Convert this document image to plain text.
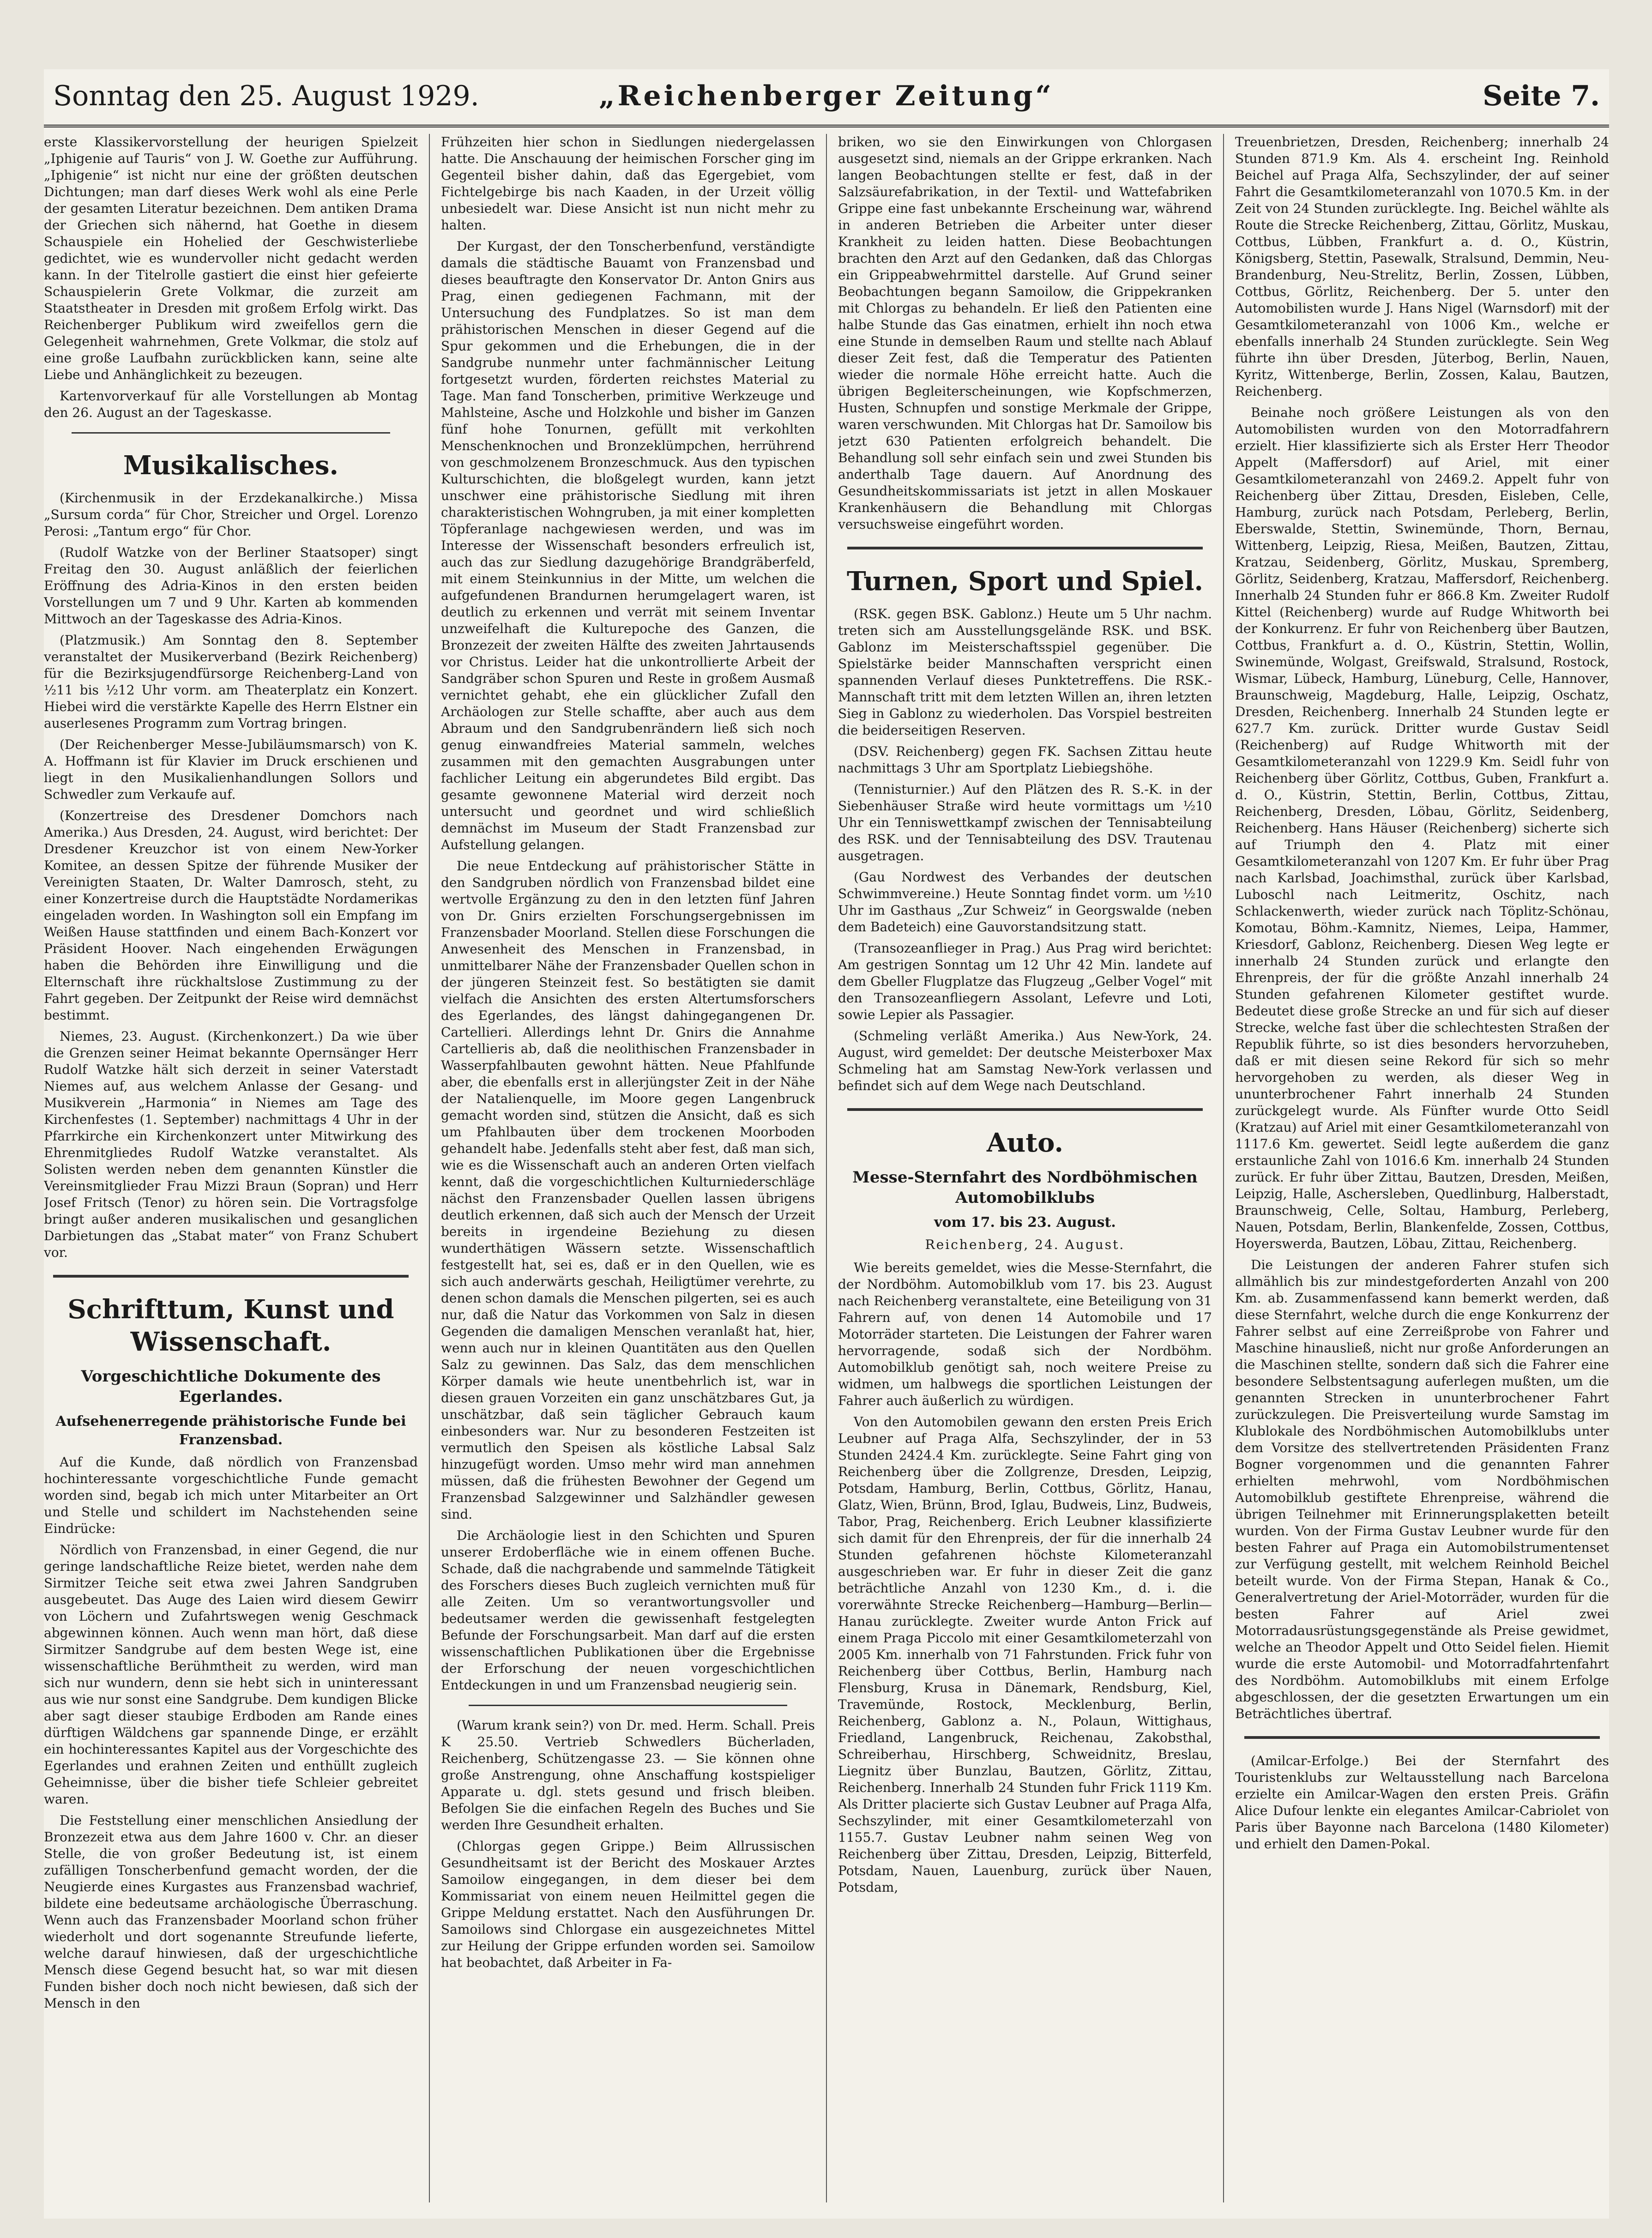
Sonntag den 25. August 1929.	„Reichenberger Zeitung“	Seite 7.

erste Klassikervorstellung der heurigen Spielzeit „Iphigenie auf Tauris“ von J. W. Goethe zur Aufführung. „Iphigenie“ ist nicht nur eine der größten deutschen Dichtungen; man darf dieses Werk wohl als eine Perle der gesamten Literatur bezeichnen. Dem antiken Drama der Griechen sich nähernd, hat Goethe in diesem Schauspiele ein Hohelied der Geschwisterliebe gedichtet, wie es wundervoller nicht gedacht werden kann. In der Titelrolle gastiert die einst hier gefeierte Schauspielerin Grete Volkmar, die zurzeit am Staatstheater in Dresden mit großem Erfolg wirkt. Das Reichenberger Publikum wird zweifellos gern die Gelegenheit wahrnehmen, Grete Volkmar, die stolz auf eine große Laufbahn zurückblicken kann, seine alte Liebe und Anhänglichkeit zu bezeugen.

Kartenvorverkauf für alle Vorstellungen ab Montag den 26. August an der Tageskasse.

Musikalisches.

(Kirchenmusik in der Erzdekanalkirche.) Missa „Sursum corda“ für Chor, Streicher und Orgel. Lorenzo Perosi: „Tantum ergo“ für Chor.

(Rudolf Watzke von der Berliner Staatsoper) singt Freitag den 30. August anläßlich der feierlichen Eröffnung des Adria-Kinos in den ersten beiden Vorstellungen um 7 und 9 Uhr. Karten ab kommenden Mittwoch an der Tageskasse des Adria-Kinos.

(Platzmusik.) Am Sonntag den 8. September veranstaltet der Musikerverband (Bezirk Reichenberg) für die Bezirksjugendfürsorge Reichenberg-Land von ½11 bis ½12 Uhr vorm. am Theaterplatz ein Konzert. Hiebei wird die verstärkte Kapelle des Herrn Elstner ein auserlesenes Programm zum Vortrag bringen.

(Der Reichenberger Messe-Jubiläumsmarsch) von K. A. Hoffmann ist für Klavier im Druck erschienen und liegt in den Musikalienhandlungen Sollors und Schwedler zum Verkaufe auf.

(Konzertreise des Dresdener Domchors nach Amerika.) Aus Dresden, 24. August, wird berichtet: Der Dresdener Kreuzchor ist von einem New-Yorker Komitee, an dessen Spitze der führende Musiker der Vereinigten Staaten, Dr. Walter Damrosch, steht, zu einer Konzertreise durch die Hauptstädte Nordamerikas eingeladen worden. In Washington soll ein Empfang im Weißen Hause stattfinden und einem Bach-Konzert vor Präsident Hoover. Nach eingehenden Erwägungen haben die Behörden ihre Einwilligung und die Elternschaft ihre rückhaltslose Zustimmung zu der Fahrt gegeben. Der Zeitpunkt der Reise wird demnächst bestimmt.

Niemes, 23. August. (Kirchenkonzert.) Da wie über die Grenzen seiner Heimat bekannte Opernsänger Herr Rudolf Watzke hält sich derzeit in seiner Vaterstadt Niemes auf, aus welchem Anlasse der Gesang- und Musikverein „Harmonia“ in Niemes am Tage des Kirchenfestes (1. September) nachmittags 4 Uhr in der Pfarrkirche ein Kirchenkonzert unter Mitwirkung des Ehrenmitgliedes Rudolf Watzke veranstaltet. Als Solisten werden neben dem genannten Künstler die Vereinsmitglieder Frau Mizzi Braun (Sopran) und Herr Josef Fritsch (Tenor) zu hören sein. Die Vortragsfolge bringt außer anderen musikalischen und gesanglichen Darbietungen das „Stabat mater“ von Franz Schubert vor.

Schrifttum, Kunst und Wissenschaft.
Vorgeschichtliche Dokumente des Egerlandes.
Aufsehenerregende prähistorische Funde bei Franzensbad.

Auf die Kunde, daß nördlich von Franzensbad hochinteressante vorgeschichtliche Funde gemacht worden sind, begab ich mich unter Mitarbeiter an Ort und Stelle und schildert im Nachstehenden seine Eindrücke:

Nördlich von Franzensbad, in einer Gegend, die nur geringe landschaftliche Reize bietet, werden nahe dem Sirmitzer Teiche seit etwa zwei Jahren Sandgruben ausgebeutet. Das Auge des Laien wird diesem Gewirr von Löchern und Zufahrtswegen wenig Geschmack abgewinnen können. Auch wenn man hört, daß diese Sirmitzer Sandgrube auf dem besten Wege ist, eine wissenschaftliche Berühmtheit zu werden, wird man sich nur wundern, denn sie hebt sich in uninteressant aus wie nur sonst eine Sandgrube. Dem kundigen Blicke aber sagt dieser staubige Erdboden am Rande eines dürftigen Wäldchens gar spannende Dinge, er erzählt ein hochinteressantes Kapitel aus der Vorgeschichte des Egerlandes und erahnen Zeiten und enthüllt zugleich Geheimnisse, über die bisher tiefe Schleier gebreitet waren.

Die Feststellung einer menschlichen Ansiedlung der Bronzezeit etwa aus dem Jahre 1600 v. Chr. an dieser Stelle, die von großer Bedeutung ist, ist einem zufälligen Tonscherbenfund gemacht worden, der die Neugierde eines Kurgastes aus Franzensbad wachrief, bildete eine bedeutsame archäologische Überraschung. Wenn auch das Franzensbader Moorland schon früher wiederholt und dort sogenannte Streufunde lieferte, welche darauf hinwiesen, daß der urgeschichtliche Mensch diese Gegend besucht hat, so war mit diesen Funden bisher doch noch nicht bewiesen, daß sich der Mensch in den

Frühzeiten hier schon in Siedlungen niedergelassen hatte. Die Anschauung der heimischen Forscher ging im Gegenteil bisher dahin, daß das Egergebiet, vom Fichtelgebirge bis nach Kaaden, in der Urzeit völlig unbesiedelt war. Diese Ansicht ist nun nicht mehr zu halten.

Der Kurgast, der den Tonscherbenfund, verständigte damals die städtische Bauamt von Franzensbad und dieses beauftragte den Konservator Dr. Anton Gnirs aus Prag, einen gediegenen Fachmann, mit der Untersuchung des Fundplatzes. So ist man dem prähistorischen Menschen in dieser Gegend auf die Spur gekommen und die Erhebungen, die in der Sandgrube nunmehr unter fachmännischer Leitung fortgesetzt wurden, förderten reichstes Material zu Tage. Man fand Tonscherben, primitive Werkzeuge und Mahlsteine, Asche und Holzkohle und bisher im Ganzen fünf hohe Tonurnen, gefüllt mit verkohlten Menschenknochen und Bronzeklümpchen, herrührend von geschmolzenem Bronzeschmuck. Aus den typischen Kulturschichten, die bloßgelegt wurden, kann jetzt unschwer eine prähistorische Siedlung mit ihren charakteristischen Wohngruben, ja mit einer kompletten Töpferanlage nachgewiesen werden, und was im Interesse der Wissenschaft besonders erfreulich ist, auch das zur Siedlung dazugehörige Brandgräberfeld, mit einem Steinkunnius in der Mitte, um welchen die aufgefundenen Brandurnen herumgelagert waren, ist deutlich zu erkennen und verrät mit seinem Inventar unzweifelhaft die Kulturepoche des Ganzen, die Bronzezeit der zweiten Hälfte des zweiten Jahrtausends vor Christus. Leider hat die unkontrollierte Arbeit der Sandgräber schon Spuren und Reste in großem Ausmaß vernichtet gehabt, ehe ein glücklicher Zufall den Archäologen zur Stelle schaffte, aber auch aus dem Abraum und den Sandgrubenrändern ließ sich noch genug einwandfreies Material sammeln, welches zusammen mit den gemachten Ausgrabungen unter fachlicher Leitung ein abgerundetes Bild ergibt. Das gesamte gewonnene Material wird derzeit noch untersucht und geordnet und wird schließlich demnächst im Museum der Stadt Franzensbad zur Aufstellung gelangen.

Die neue Entdeckung auf prähistorischer Stätte in den Sandgruben nördlich von Franzensbad bildet eine wertvolle Ergänzung zu den in den letzten fünf Jahren von Dr. Gnirs erzielten Forschungsergebnissen im Franzensbader Moorland. Stellen diese Forschungen die Anwesenheit des Menschen in Franzensbad, in unmittelbarer Nähe der Franzensbader Quellen schon in der jüngeren Steinzeit fest. So bestätigten sie damit vielfach die Ansichten des ersten Altertumsforschers des Egerlandes, des längst dahingegangenen Dr. Cartellieri. Allerdings lehnt Dr. Gnirs die Annahme Cartellieris ab, daß die neolithischen Franzensbader in Wasserpfahlbauten gewohnt hätten. Neue Pfahlfunde aber, die ebenfalls erst in allerjüngster Zeit in der Nähe der Natalienquelle, im Moore gegen Langenbruck gemacht worden sind, stützen die Ansicht, daß es sich um Pfahlbauten über dem trockenen Moorboden gehandelt habe. Jedenfalls steht aber fest, daß man sich, wie es die Wissenschaft auch an anderen Orten vielfach kennt, daß die vorgeschichtlichen Kulturniederschläge nächst den Franzensbader Quellen lassen übrigens deutlich erkennen, daß sich auch der Mensch der Urzeit bereits in irgendeine Beziehung zu diesen wunderthätigen Wässern setzte. Wissenschaftlich festgestellt hat, sei es, daß er in den Quellen, wie es sich auch anderwärts geschah, Heiligtümer verehrte, zu denen schon damals die Menschen pilgerten, sei es auch nur, daß die Natur das Vorkommen von Salz in diesen Gegenden die damaligen Menschen veranlaßt hat, hier, wenn auch nur in kleinen Quantitäten aus den Quellen Salz zu gewinnen. Das Salz, das dem menschlichen Körper damals wie heute unentbehrlich ist, war in diesen grauen Vorzeiten ein ganz unschätzbares Gut, ja unschätzbar, daß sein täglicher Gebrauch kaum einbesonders war. Nur zu besonderen Festzeiten ist vermutlich den Speisen als köstliche Labsal Salz hinzugefügt worden. Umso mehr wird man annehmen müssen, daß die frühesten Bewohner der Gegend um Franzensbad Salzgewinner und Salzhändler gewesen sind.

Die Archäologie liest in den Schichten und Spuren unserer Erdoberfläche wie in einem offenen Buche. Schade, daß die nachgrabende und sammelnde Tätigkeit des Forschers dieses Buch zugleich vernichten muß für alle Zeiten. Um so verantwortungsvoller und bedeutsamer werden die gewissenhaft festgelegten Befunde der Forschungsarbeit. Man darf auf die ersten wissenschaftlichen Publikationen über die Ergebnisse der Erforschung der neuen vorgeschichtlichen Entdeckungen in und um Franzensbad neugierig sein.

(Warum krank sein?) von Dr. med. Herm. Schall. Preis K 25.50. Vertrieb Schwedlers Bücherladen, Reichenberg, Schützengasse 23. — Sie können ohne große Anstrengung, ohne Anschaffung kostspieliger Apparate u. dgl. stets gesund und frisch bleiben. Befolgen Sie die einfachen Regeln des Buches und Sie werden Ihre Gesundheit erhalten.

(Chlorgas gegen Grippe.) Beim Allrussischen Gesundheitsamt ist der Bericht des Moskauer Arztes Samoilow eingegangen, in dem dieser bei dem Kommissariat von einem neuen Heilmittel gegen die Grippe Meldung erstattet. Nach den Ausführungen Dr. Samoilows sind Chlorgase ein ausgezeichnetes Mittel zur Heilung der Grippe erfunden worden sei. Samoilow hat beobachtet, daß Arbeiter in Fa-

briken, wo sie den Einwirkungen von Chlorgasen ausgesetzt sind, niemals an der Grippe erkranken. Nach langen Beobachtungen stellte er fest, daß in der Salzsäurefabrikation, in der Textil- und Wattefabriken Grippe eine fast unbekannte Erscheinung war, während in anderen Betrieben die Arbeiter unter dieser Krankheit zu leiden hatten. Diese Beobachtungen brachten den Arzt auf den Gedanken, daß das Chlorgas ein Grippeabwehrmittel darstelle. Auf Grund seiner Beobachtungen begann Samoilow, die Grippekranken mit Chlorgas zu behandeln. Er ließ den Patienten eine halbe Stunde das Gas einatmen, erhielt ihn noch etwa eine Stunde in demselben Raum und stellte nach Ablauf dieser Zeit fest, daß die Temperatur des Patienten wieder die normale Höhe erreicht hatte. Auch die übrigen Begleiterscheinungen, wie Kopfschmerzen, Husten, Schnupfen und sonstige Merkmale der Grippe, waren verschwunden. Mit Chlorgas hat Dr. Samoilow bis jetzt 630 Patienten erfolgreich behandelt. Die Behandlung soll sehr einfach sein und zwei Stunden bis anderthalb Tage dauern. Auf Anordnung des Gesundheitskommissariats ist jetzt in allen Moskauer Krankenhäusern die Behandlung mit Chlorgas versuchsweise eingeführt worden.

Turnen, Sport und Spiel.

(RSK. gegen BSK. Gablonz.) Heute um 5 Uhr nachm. treten sich am Ausstellungsgelände RSK. und BSK. Gablonz im Meisterschaftsspiel gegenüber. Die Spielstärke beider Mannschaften verspricht einen spannenden Verlauf dieses Punktetreffens. Die RSK.-Mannschaft tritt mit dem letzten Willen an, ihren letzten Sieg in Gablonz zu wiederholen. Das Vorspiel bestreiten die beiderseitigen Reserven.

(DSV. Reichenberg) gegen FK. Sachsen Zittau heute nachmittags 3 Uhr am Sportplatz Liebiegshöhe.

(Tennisturnier.) Auf den Plätzen des R. S.-K. in der Siebenhäuser Straße wird heute vormittags um ½10 Uhr ein Tenniswettkampf zwischen der Tennisabteilung des RSK. und der Tennisabteilung des DSV. Trautenau ausgetragen.

(Gau Nordwest des Verbandes der deutschen Schwimmvereine.) Heute Sonntag findet vorm. um ½10 Uhr im Gasthaus „Zur Schweiz“ in Georgswalde (neben dem Badeteich) eine Gauvorstandsitzung statt.

(Transozeanflieger in Prag.) Aus Prag wird berichtet: Am gestrigen Sonntag um 12 Uhr 42 Min. landete auf dem Gbeller Flugplatze das Flugzeug „Gelber Vogel“ mit den Transozeanfliegern Assolant, Lefevre und Loti, sowie Lepier als Passagier.

(Schmeling verläßt Amerika.) Aus New-York, 24. August, wird gemeldet: Der deutsche Meisterboxer Max Schmeling hat am Samstag New-York verlassen und befindet sich auf dem Wege nach Deutschland.

Auto.
Messe-Sternfahrt des Nordböhmischen Automobilklubs
vom 17. bis 23. August.
Reichenberg, 24. August.

Wie bereits gemeldet, wies die Messe-Sternfahrt, die der Nordböhm. Automobilklub vom 17. bis 23. August nach Reichenberg veranstaltete, eine Beteiligung von 31 Fahrern auf, von denen 14 Automobile und 17 Motorräder starteten. Die Leistungen der Fahrer waren hervorragende, sodaß sich der Nordböhm. Automobilklub genötigt sah, noch weitere Preise zu widmen, um halbwegs die sportlichen Leistungen der Fahrer auch äußerlich zu würdigen.

Von den Automobilen gewann den ersten Preis Erich Leubner auf Praga Alfa, Sechszylinder, der in 53 Stunden 2424.4 Km. zurücklegte. Seine Fahrt ging von Reichenberg über die Zollgrenze, Dresden, Leipzig, Potsdam, Hamburg, Berlin, Cottbus, Görlitz, Hanau, Glatz, Wien, Brünn, Brod, Iglau, Budweis, Linz, Budweis, Tabor, Prag, Reichenberg. Erich Leubner klassifizierte sich damit für den Ehrenpreis, der für die innerhalb 24 Stunden gefahrenen höchste Kilometeranzahl ausgeschrieben war. Er fuhr in dieser Zeit die ganz beträchtliche Anzahl von 1230 Km., d. i. die vorerwähnte Strecke Reichenberg—Hamburg—Berlin—Hanau zurücklegte. Zweiter wurde Anton Frick auf einem Praga Piccolo mit einer Gesamtkilometerzahl von 2005 Km. innerhalb von 71 Fahrstunden. Frick fuhr von Reichenberg über Cottbus, Berlin, Hamburg nach Flensburg, Krusa in Dänemark, Rendsburg, Kiel, Travemünde, Rostock, Mecklenburg, Berlin, Reichenberg, Gablonz a. N., Polaun, Wittighaus, Friedland, Langenbruck, Reichenau, Zakobsthal, Schreiberhau, Hirschberg, Schweidnitz, Breslau, Liegnitz über Bunzlau, Bautzen, Görlitz, Zittau, Reichenberg. Innerhalb 24 Stunden fuhr Frick 1119 Km. Als Dritter placierte sich Gustav Leubner auf Praga Alfa, Sechszylinder, mit einer Gesamtkilometerzahl von 1155.7. Gustav Leubner nahm seinen Weg von Reichenberg über Zittau, Dresden, Leipzig, Bitterfeld, Potsdam, Nauen, Lauenburg, zurück über Nauen, Potsdam,

Treuenbrietzen, Dresden, Reichenberg; innerhalb 24 Stunden 871.9 Km. Als 4. erscheint Ing. Reinhold Beichel auf Praga Alfa, Sechszylinder, der auf seiner Fahrt die Gesamtkilometeranzahl von 1070.5 Km. in der Zeit von 24 Stunden zurücklegte. Ing. Beichel wählte als Route die Strecke Reichenberg, Zittau, Görlitz, Muskau, Cottbus, Lübben, Frankfurt a. d. O., Küstrin, Königsberg, Stettin, Pasewalk, Stralsund, Demmin, Neu-Brandenburg, Neu-Strelitz, Berlin, Zossen, Lübben, Cottbus, Görlitz, Reichenberg. Der 5. unter den Automobilisten wurde J. Hans Nigel (Warnsdorf) mit der Gesamtkilometeranzahl von 1006 Km., welche er ebenfalls innerhalb 24 Stunden zurücklegte. Sein Weg führte ihn über Dresden, Jüterbog, Berlin, Nauen, Kyritz, Wittenberge, Berlin, Zossen, Kalau, Bautzen, Reichenberg.

Beinahe noch größere Leistungen als von den Automobilisten wurden von den Motorradfahrern erzielt. Hier klassifizierte sich als Erster Herr Theodor Appelt (Maffersdorf) auf Ariel, mit einer Gesamtkilometeranzahl von 2469.2. Appelt fuhr von Reichenberg über Zittau, Dresden, Eisleben, Celle, Hamburg, zurück nach Potsdam, Perleberg, Berlin, Eberswalde, Stettin, Swinemünde, Thorn, Bernau, Wittenberg, Leipzig, Riesa, Meißen, Bautzen, Zittau, Kratzau, Seidenberg, Görlitz, Muskau, Spremberg, Görlitz, Seidenberg, Kratzau, Maffersdorf, Reichenberg. Innerhalb 24 Stunden fuhr er 866.8 Km. Zweiter Rudolf Kittel (Reichenberg) wurde auf Rudge Whitworth bei der Konkurrenz. Er fuhr von Reichenberg über Bautzen, Cottbus, Frankfurt a. d. O., Küstrin, Stettin, Wollin, Swinemünde, Wolgast, Greifswald, Stralsund, Rostock, Wismar, Lübeck, Hamburg, Lüneburg, Celle, Hannover, Braunschweig, Magdeburg, Halle, Leipzig, Oschatz, Dresden, Reichenberg. Innerhalb 24 Stunden legte er 627.7 Km. zurück. Dritter wurde Gustav Seidl (Reichenberg) auf Rudge Whitworth mit der Gesamtkilometeranzahl von 1229.9 Km. Seidl fuhr von Reichenberg über Görlitz, Cottbus, Guben, Frankfurt a. d. O., Küstrin, Stettin, Berlin, Cottbus, Zittau, Reichenberg, Dresden, Löbau, Görlitz, Seidenberg, Reichenberg. Hans Häuser (Reichenberg) sicherte sich auf Triumph den 4. Platz mit einer Gesamtkilometeranzahl von 1207 Km. Er fuhr über Prag nach Karlsbad, Joachimsthal, zurück über Karlsbad, Luboschl nach Leitmeritz, Oschitz, nach Schlackenwerth, wieder zurück nach Töplitz-Schönau, Komotau, Böhm.-Kamnitz, Niemes, Leipa, Hammer, Kriesdorf, Gablonz, Reichenberg. Diesen Weg legte er innerhalb 24 Stunden zurück und erlangte den Ehrenpreis, der für die größte Anzahl innerhalb 24 Stunden gefahrenen Kilometer gestiftet wurde. Bedeutet diese große Strecke an und für sich auf dieser Strecke, welche fast über die schlechtesten Straßen der Republik führte, so ist dies besonders hervorzuheben, daß er mit diesen seine Rekord für sich so mehr hervorgehoben zu werden, als dieser Weg in ununterbrochener Fahrt innerhalb 24 Stunden zurückgelegt wurde. Als Fünfter wurde Otto Seidl (Kratzau) auf Ariel mit einer Gesamtkilometeranzahl von 1117.6 Km. gewertet. Seidl legte außerdem die ganz erstaunliche Zahl von 1016.6 Km. innerhalb 24 Stunden zurück. Er fuhr über Zittau, Bautzen, Dresden, Meißen, Leipzig, Halle, Aschersleben, Quedlinburg, Halberstadt, Braunschweig, Celle, Soltau, Hamburg, Perleberg, Nauen, Potsdam, Berlin, Blankenfelde, Zossen, Cottbus, Hoyerswerda, Bautzen, Löbau, Zittau, Reichenberg.

Die Leistungen der anderen Fahrer stufen sich allmählich bis zur mindestgeforderten Anzahl von 200 Km. ab. Zusammenfassend kann bemerkt werden, daß diese Sternfahrt, welche durch die enge Konkurrenz der Fahrer selbst auf eine Zerreißprobe von Fahrer und Maschine hinausließ, nicht nur große Anforderungen an die Maschinen stellte, sondern daß sich die Fahrer eine besondere Selbstentsagung auferlegen mußten, um die genannten Strecken in ununterbrochener Fahrt zurückzulegen. Die Preisverteilung wurde Samstag im Klublokale des Nordböhmischen Automobilklubs unter dem Vorsitze des stellvertretenden Präsidenten Franz Bogner vorgenommen und die genannten Fahrer erhielten mehrwohl, vom Nordböhmischen Automobilklub gestiftete Ehrenpreise, während die übrigen Teilnehmer mit Erinnerungsplaketten beteilt wurden. Von der Firma Gustav Leubner wurde für den besten Fahrer auf Praga ein Automobilstrumentenset zur Verfügung gestellt, mit welchem Reinhold Beichel beteilt wurde. Von der Firma Stepan, Hanak & Co., Generalvertretung der Ariel-Motorräder, wurden für die besten Fahrer auf Ariel zwei Motorradausrüstungsgegenstände als Preise gewidmet, welche an Theodor Appelt und Otto Seidel fielen. Hiemit wurde die erste Automobil- und Motorradfahrtenfahrt des Nordböhm. Automobilklubs mit einem Erfolge abgeschlossen, der die gesetzten Erwartungen um ein Beträchtliches übertraf.

(Amilcar-Erfolge.) Bei der Sternfahrt des Touristenklubs zur Weltausstellung nach Barcelona erzielte ein Amilcar-Wagen den ersten Preis. Gräfin Alice Dufour lenkte ein elegantes Amilcar-Cabriolet von Paris über Bayonne nach Barcelona (1480 Kilometer) und erhielt den Damen-Pokal.
